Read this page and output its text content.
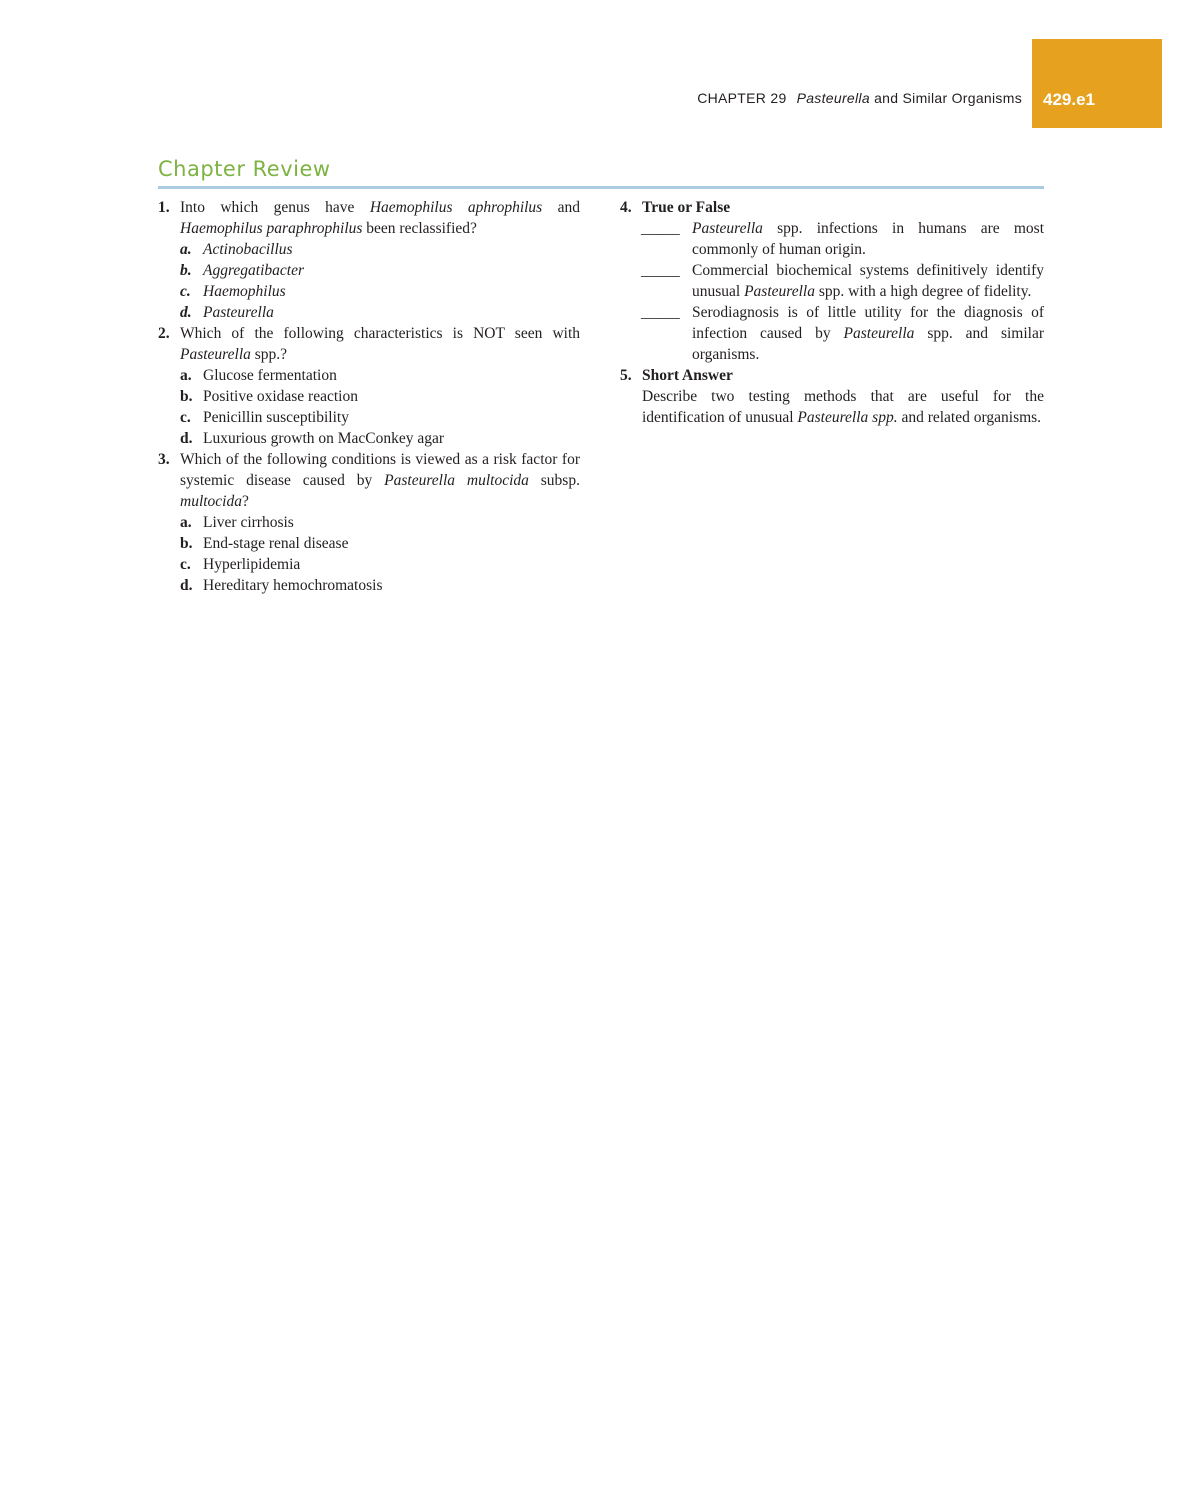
CHAPTER 29 Pasteurella and Similar Organisms	429.e1
Chapter Review
1. Into which genus have Haemophilus aphrophilus and Haemophilus paraphrophilus been reclassified?
a. Actinobacillus
b. Aggregatibacter
c. Haemophilus
d. Pasteurella
2. Which of the following characteristics is NOT seen with Pasteurella spp.?
a. Glucose fermentation
b. Positive oxidase reaction
c. Penicillin susceptibility
d. Luxurious growth on MacConkey agar
3. Which of the following conditions is viewed as a risk factor for systemic disease caused by Pasteurella multocida subsp. multocida?
a. Liver cirrhosis
b. End-stage renal disease
c. Hyperlipidemia
d. Hereditary hemochromatosis
4. True or False
_____ Pasteurella spp. infections in humans are most commonly of human origin.
_____ Commercial biochemical systems definitively identify unusual Pasteurella spp. with a high degree of fidelity.
_____ Serodiagnosis is of little utility for the diagnosis of infection caused by Pasteurella spp. and similar organisms.
5. Short Answer
Describe two testing methods that are useful for the identification of unusual Pasteurella spp. and related organisms.
